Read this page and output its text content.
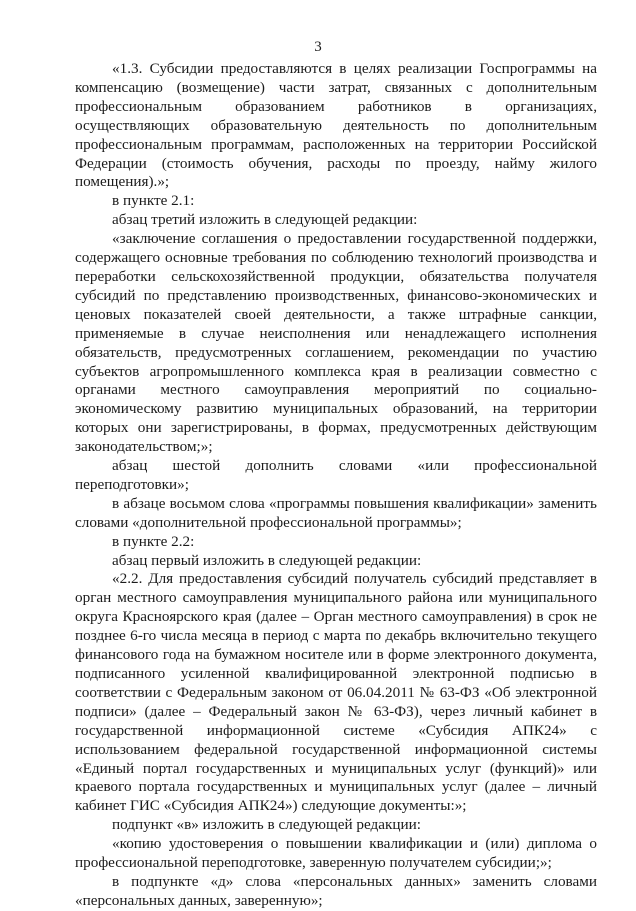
3

«1.3. Субсидии предоставляются в целях реализации Госпрограммы на компенсацию (возмещение) части затрат, связанных с дополнительным профессиональным образованием работников в организациях, осуществляющих образовательную деятельность по дополнительным профессиональным программам, расположенных на территории Российской Федерации (стоимость обучения, расходы по проезду, найму жилого помещения).»;

в пункте 2.1:

абзац третий изложить в следующей редакции:

«заключение соглашения о предоставлении государственной поддержки, содержащего основные требования по соблюдению технологий производства и переработки сельскохозяйственной продукции, обязательства получателя субсидий по представлению производственных, финансово-экономических и ценовых показателей своей деятельности, а также штрафные санкции, применяемые в случае неисполнения или ненадлежащего исполнения обязательств, предусмотренных соглашением, рекомендации по участию субъектов агропромышленного комплекса края в реализации совместно с органами местного самоуправления мероприятий по социально-экономическому развитию муниципальных образований, на территории которых они зарегистрированы, в формах, предусмотренных действующим законодательством;»;

абзац шестой дополнить словами «или профессиональной переподготовки»;

в абзаце восьмом слова «программы повышения квалификации» заменить словами «дополнительной профессиональной программы»;

в пункте 2.2:

абзац первый изложить в следующей редакции:

«2.2. Для предоставления субсидий получатель субсидий представляет в орган местного самоуправления муниципального района или муниципального округа Красноярского края (далее – Орган местного самоуправления) в срок не позднее 6-го числа месяца в период с марта по декабрь включительно текущего финансового года на бумажном носителе или в форме электронного документа, подписанного усиленной квалифицированной электронной подписью в соответствии с Федеральным законом от 06.04.2011 № 63-ФЗ «Об электронной подписи» (далее – Федеральный закон № 63-ФЗ), через личный кабинет в государственной информационной системе «Субсидия АПК24» с использованием федеральной государственной информационной системы «Единый портал государственных и муниципальных услуг (функций)» или краевого портала государственных и муниципальных услуг (далее – личный кабинет ГИС «Субсидия АПК24») следующие документы:»;

подпункт «в» изложить в следующей редакции:

«копию удостоверения о повышении квалификации и (или) диплома о профессиональной переподготовке, заверенную получателем субсидии;»;

в подпункте «д» слова «персональных данных» заменить словами «персональных данных, заверенную»;
